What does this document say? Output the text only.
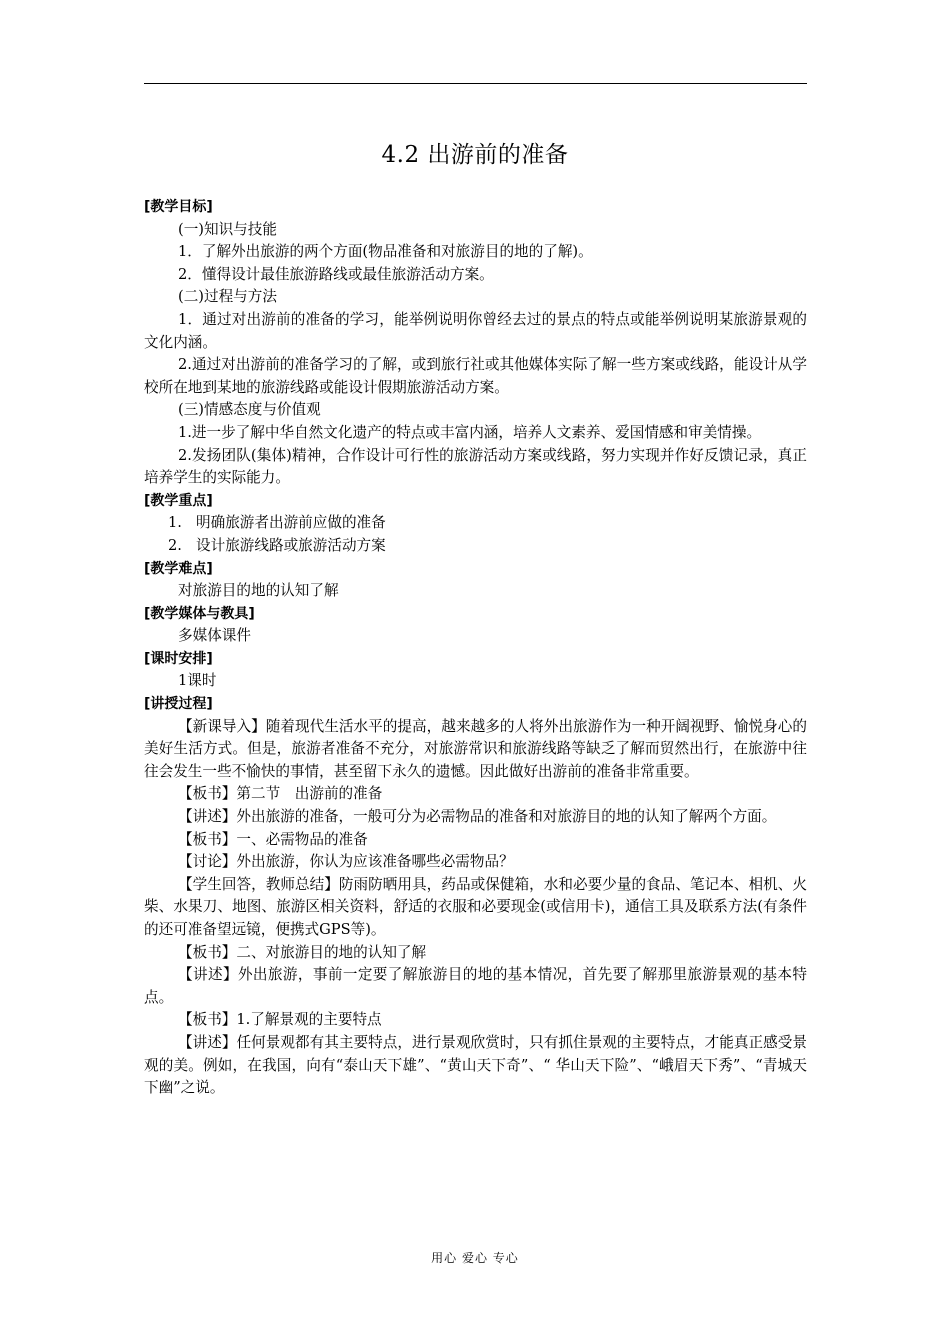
4.2 出游前的准备

[教学目标]

(一)知识与技能

1．了解外出旅游的两个方面(物品准备和对旅游目的地的了解)。

2．懂得设计最佳旅游路线或最佳旅游活动方案。

(二)过程与方法

1．通过对出游前的准备的学习，能举例说明你曾经去过的景点的特点或能举例说明某旅游景观的文化内涵。

2.通过对出游前的准备学习的了解，或到旅行社或其他媒体实际了解一些方案或线路，能设计从学校所在地到某地的旅游线路或能设计假期旅游活动方案。

(三)情感态度与价值观

1.进一步了解中华自然文化遗产的特点或丰富内涵，培养人文素养、爱国情感和审美情操。

2.发扬团队(集体)精神，合作设计可行性的旅游活动方案或线路，努力实现并作好反馈记录，真正培养学生的实际能力。

[教学重点]

1. 明确旅游者出游前应做的准备

2. 设计旅游线路或旅游活动方案

[教学难点]

对旅游目的地的认知了解

[教学媒体与教具]

多媒体课件

[课时安排]

1课时

[讲授过程]

【新课导入】随着现代生活水平的提高，越来越多的人将外出旅游作为一种开阔视野、愉悦身心的美好生活方式。但是，旅游者准备不充分，对旅游常识和旅游线路等缺乏了解而贸然出行，在旅游中往往会发生一些不愉快的事情，甚至留下永久的遗憾。因此做好出游前的准备非常重要。

【板书】第二节　出游前的准备

【讲述】外出旅游的准备，一般可分为必需物品的准备和对旅游目的地的认知了解两个方面。

【板书】一、必需物品的准备

【讨论】外出旅游，你认为应该准备哪些必需物品？

【学生回答，教师总结】防雨防晒用具，药品或保健箱，水和必要少量的食品、笔记本、相机、火柴、水果刀、地图、旅游区相关资料，舒适的衣服和必要现金(或信用卡)，通信工具及联系方法(有条件的还可准备望远镜，便携式GPS等)。

【板书】二、对旅游目的地的认知了解

【讲述】外出旅游，事前一定要了解旅游目的地的基本情况，首先要了解那里旅游景观的基本特点。

【板书】1.了解景观的主要特点

【讲述】任何景观都有其主要特点，进行景观欣赏时，只有抓住景观的主要特点，才能真正感受景观的美。例如，在我国，向有“泰山天下雄”、“黄山天下奇”、“ 华山天下险”、“峨眉天下秀”、“青城天下幽”之说。

用心 爱心 专心
